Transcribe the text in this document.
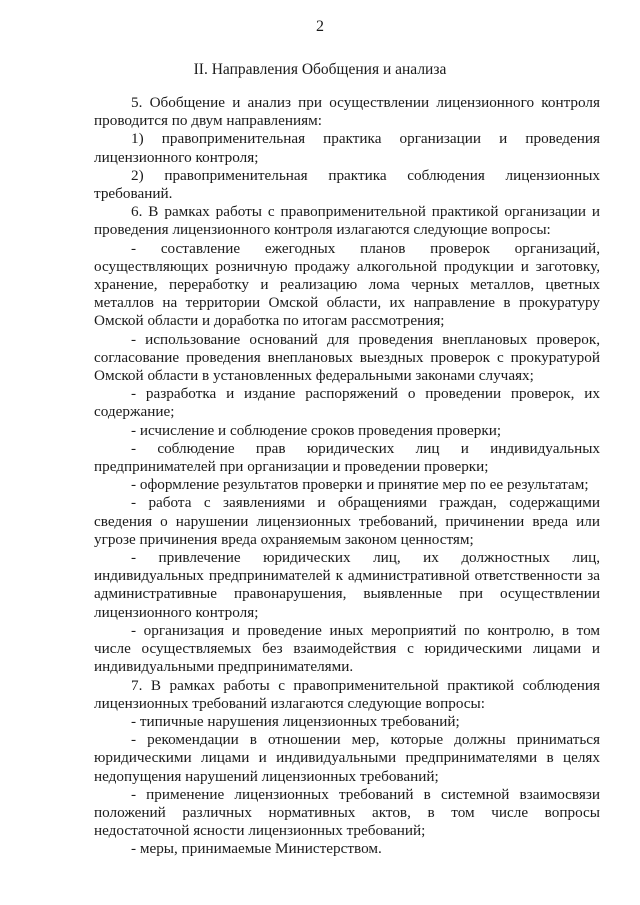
2
II. Направления Обобщения и анализа

5. Обобщение и анализ при осуществлении лицензионного контроля проводится по двум направлениям:

1) правоприменительная практика организации и проведения лицензионного контроля;

2) правоприменительная практика соблюдения лицензионных требований.

6. В рамках работы с правоприменительной практикой организации и проведения лицензионного контроля излагаются следующие вопросы:

- составление ежегодных планов проверок организаций, осуществляющих розничную продажу алкогольной продукции и заготовку, хранение, переработку и реализацию лома черных металлов, цветных металлов на территории Омской области, их направление в прокуратуру Омской области и доработка по итогам рассмотрения;

- использование оснований для проведения внеплановых проверок, согласование проведения внеплановых выездных проверок с прокуратурой Омской области в установленных федеральными законами случаях;

- разработка и издание распоряжений о проведении проверок, их содержание;

- исчисление и соблюдение сроков проведения проверки;

- соблюдение прав юридических лиц и индивидуальных предпринимателей при организации и проведении проверки;

- оформление результатов проверки и принятие мер по ее результатам;

- работа с заявлениями и обращениями граждан, содержащими сведения о нарушении лицензионных требований, причинении вреда или угрозе причинения вреда охраняемым законом ценностям;

- привлечение юридических лиц, их должностных лиц, индивидуальных предпринимателей к административной ответственности за административные правонарушения, выявленные при осуществлении лицензионного контроля;

- организация и проведение иных мероприятий по контролю, в том числе осуществляемых без взаимодействия с юридическими лицами и индивидуальными предпринимателями.

7. В рамках работы с правоприменительной практикой соблюдения лицензионных требований излагаются следующие вопросы:

- типичные нарушения лицензионных требований;

- рекомендации в отношении мер, которые должны приниматься юридическими лицами и индивидуальными предпринимателями в целях недопущения нарушений лицензионных требований;

- применение лицензионных требований в системной взаимосвязи положений различных нормативных актов, в том числе вопросы недостаточной ясности лицензионных требований;

- меры, принимаемые Министерством.
